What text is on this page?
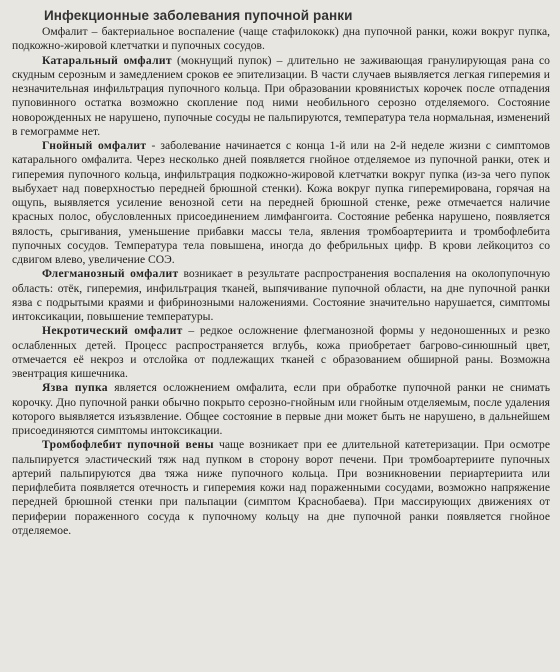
Инфекционные заболевания пупочной ранки

Омфалит – бактериальное воспаление (чаще стафилококк) дна пупочной ранки, кожи вокруг пупка, подкожно-жировой клетчатки и пупочных сосудов.

Катаральный омфалит (мокнущий пупок) – длительно не заживающая гранулирующая рана со скудным серозным и замедлением сроков ее эпителизации. В части случаев выявляется легкая гиперемия и незначительная инфильтрация пупочного кольца. При образовании кровянистых корочек после отпадения пуповинного остатка возможно скопление под ними необильного серозно отделяемого. Состояние новорожденных не нарушено, пупочные сосуды не пальпируются, температура тела нормальная, изменений в гемограмме нет.

Гнойный омфалит - заболевание начинается с конца 1-й или на 2-й неделе жизни с симптомов катарального омфалита. Через несколько дней появляется гнойное отделяемое из пупочной ранки, отек и гиперемия пупочного кольца, инфильтрация подкожно-жировой клетчатки вокруг пупка (из-за чего пупок выбухает над поверхностью передней брюшной стенки). Кожа вокруг пупка гиперемирована, горячая на ощупь, выявляется усиление венозной сети на передней брюшной стенке, реже отмечается наличие красных полос, обусловленных присоединением лимфангоита. Состояние ребенка нарушено, появляется вялость, срыгивания, уменьшение прибавки массы тела, явления тромбоартериита и тромбофлебита пупочных сосудов. Температура тела повышена, иногда до фебрильных цифр. В крови лейкоцитоз со сдвигом влево, увеличение СОЭ.

Флегманозный омфалит возникает в результате распространения воспаления на околопупочную область: отёк, гиперемия, инфильтрация тканей, выпячивание пупочной области, на дне пупочной ранки язва с подрытыми краями и фибринозными наложениями. Состояние значительно нарушается, симптомы интоксикации, повышение температуры.

Некротический омфалит – редкое осложнение флегманозной формы у недоношенных и резко ослабленных детей. Процесс распространяется вглубь, кожа приобретает багрово-синюшный цвет, отмечается её некроз и отслойка от подлежащих тканей с образованием обширной раны. Возможна эвентрация кишечника.

Язва пупка является осложнением омфалита, если при обработке пупочной ранки не снимать корочку. Дно пупочной ранки обычно покрыто серозно-гнойным или гнойным отделяемым, после удаления которого выявляется изъязвление. Общее состояние в первые дни может быть не нарушено, в дальнейшем присоединяются симптомы интоксикации.

Тромбофлебит пупочной вены чаще возникает при ее длительной катетеризации. При осмотре пальпируется эластический тяж над пупком в сторону ворот печени. При тромбоартериите пупочных артерий пальпируются два тяжа ниже пупочного кольца. При возникновении периартериита или перифлебита появляется отечность и гиперемия кожи над пораженными сосудами, возможно напряжение передней брюшной стенки при пальпации (симптом Краснобаева). При массирующих движениях от периферии пораженного сосуда к пупочному кольцу на дне пупочной ранки появляется гнойное отделяемое.
